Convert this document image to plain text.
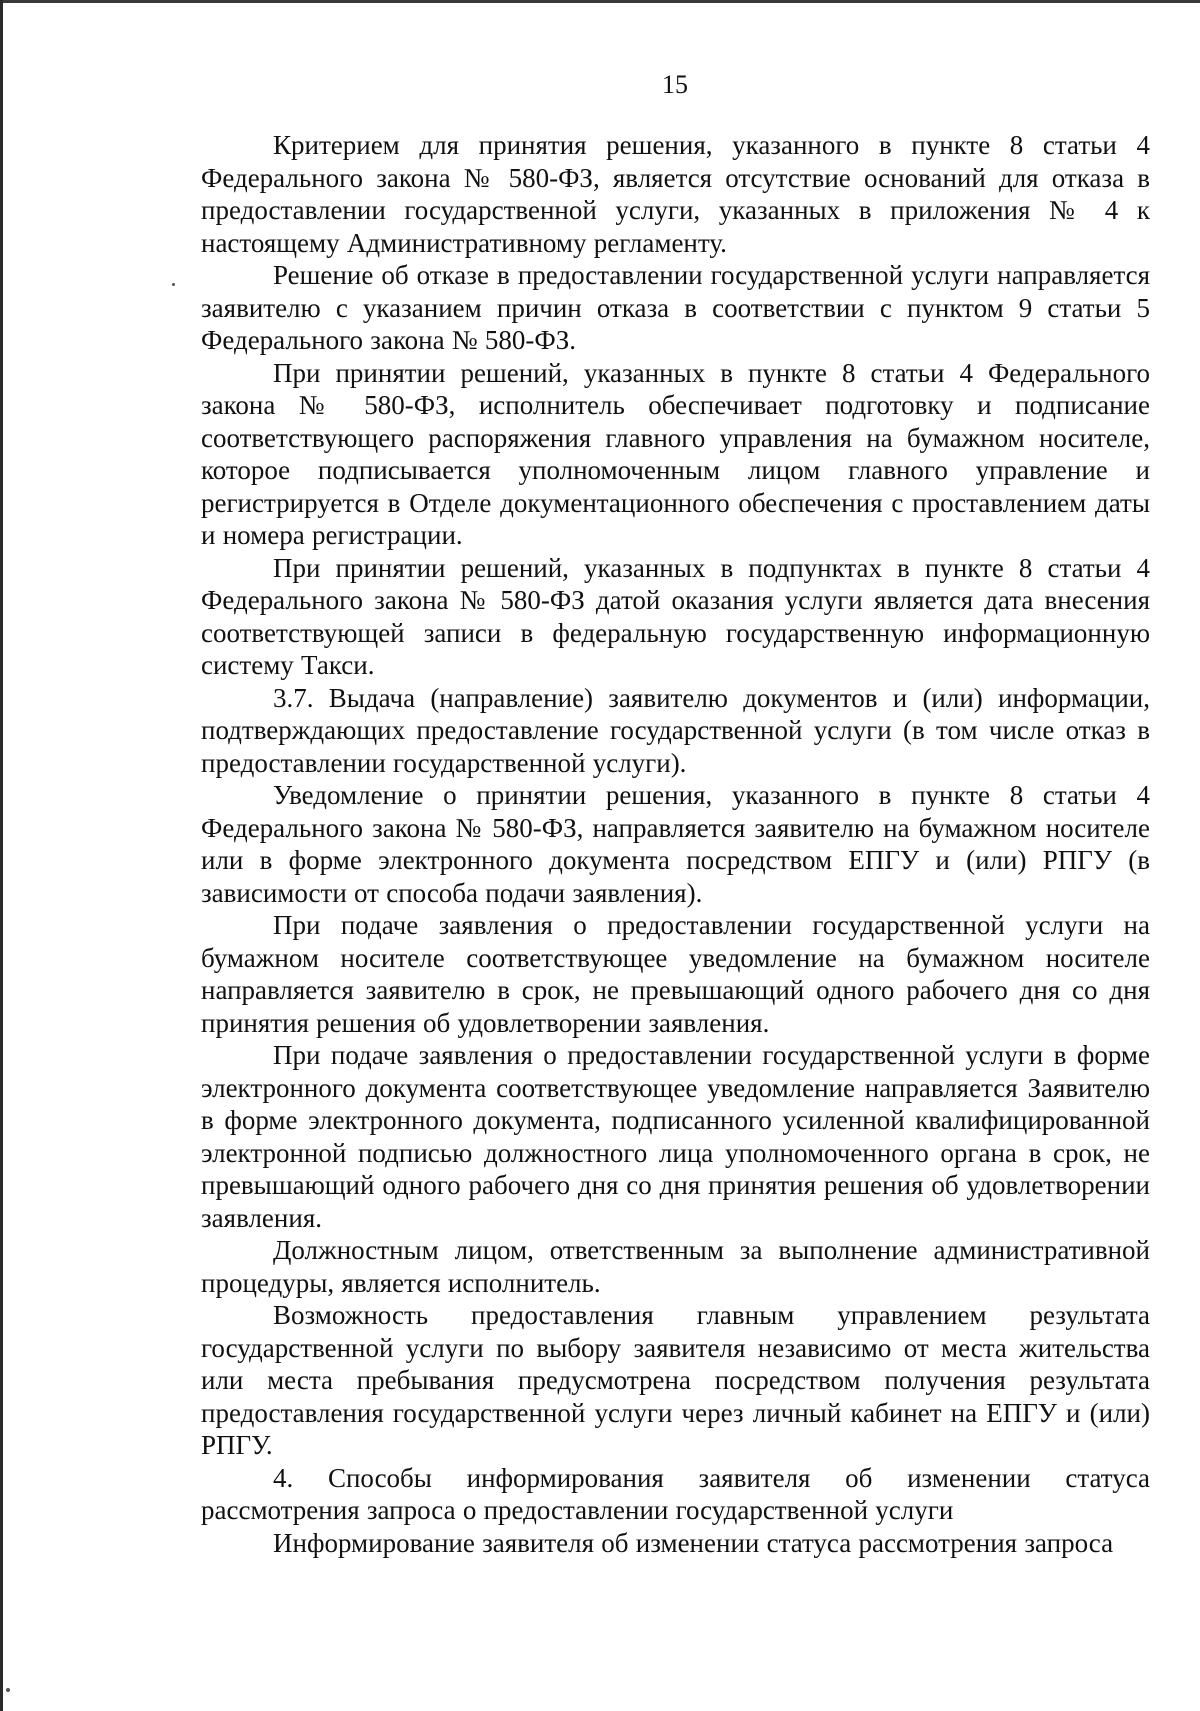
15

Критерием для принятия решения, указанного в пункте 8 статьи 4 Федерального закона № 580-ФЗ, является отсутствие оснований для отказа в предоставлении государственной услуги, указанных в приложения № 4 к настоящему Административному регламенту.

Решение об отказе в предоставлении государственной услуги направляется заявителю с указанием причин отказа в соответствии с пунктом 9 статьи 5 Федерального закона № 580-ФЗ.

При принятии решений, указанных в пункте 8 статьи 4 Федерального закона № 580-ФЗ, исполнитель обеспечивает подготовку и подписание соответствующего распоряжения главного управления на бумажном носителе, которое подписывается уполномоченным лицом главного управление и регистрируется в Отделе документационного обеспечения с проставлением даты и номера регистрации.

При принятии решений, указанных в подпунктах в пункте 8 статьи 4 Федерального закона № 580-ФЗ датой оказания услуги является дата внесения соответствующей записи в федеральную государственную информационную систему Такси.

3.7. Выдача (направление) заявителю документов и (или) информации, подтверждающих предоставление государственной услуги (в том числе отказ в предоставлении государственной услуги).

Уведомление о принятии решения, указанного в пункте 8 статьи 4 Федерального закона № 580-ФЗ, направляется заявителю на бумажном носителе или в форме электронного документа посредством ЕПГУ и (или) РПГУ (в зависимости от способа подачи заявления).

При подаче заявления о предоставлении государственной услуги на бумажном носителе соответствующее уведомление на бумажном носителе направляется заявителю в срок, не превышающий одного рабочего дня со дня принятия решения об удовлетворении заявления.

При подаче заявления о предоставлении государственной услуги в форме электронного документа соответствующее уведомление направляется Заявителю в форме электронного документа, подписанного усиленной квалифицированной электронной подписью должностного лица уполномоченного органа в срок, не превышающий одного рабочего дня со дня принятия решения об удовлетворении заявления.

Должностным лицом, ответственным за выполнение административной процедуры, является исполнитель.

Возможность предоставления главным управлением результата государственной услуги по выбору заявителя независимо от места жительства или места пребывания предусмотрена посредством получения результата предоставления государственной услуги через личный кабинет на ЕПГУ и (или) РПГУ.

4. Способы информирования заявителя об изменении статуса рассмотрения запроса о предоставлении государственной услуги

Информирование заявителя об изменении статуса рассмотрения запроса
